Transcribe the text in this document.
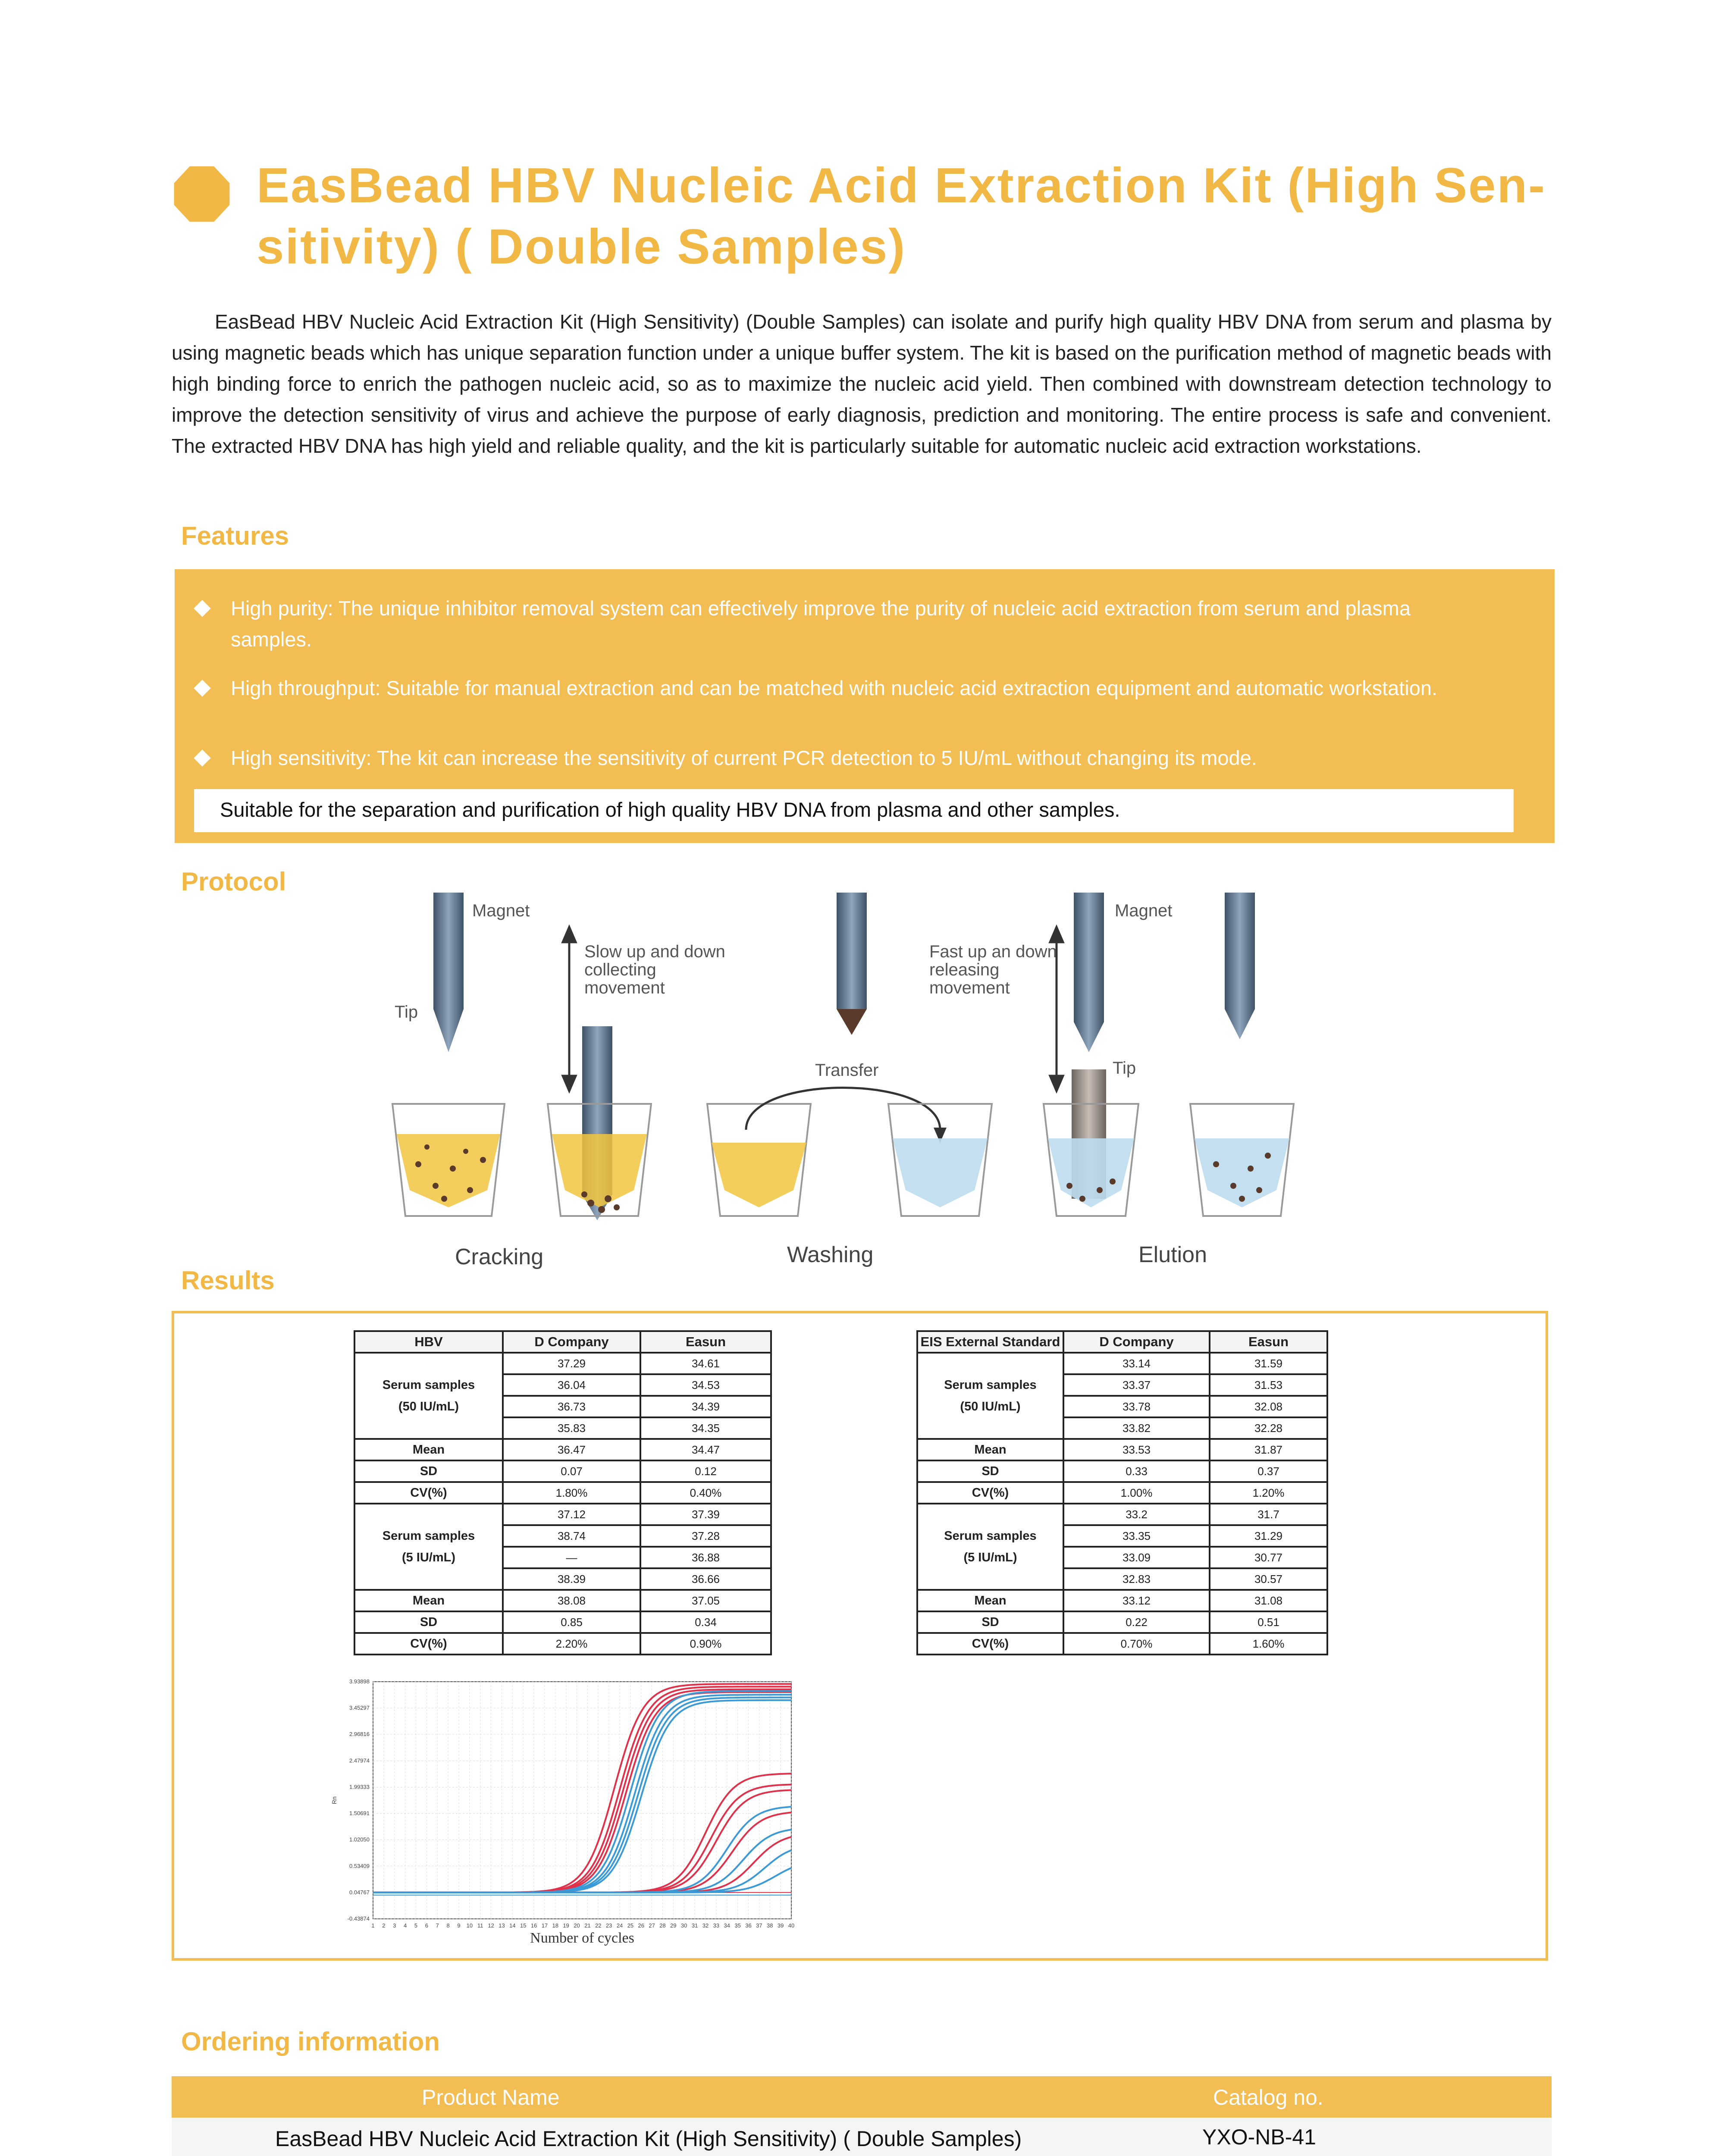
EasBead HBV Nucleic Acid Extraction Kit (High Sen-
sitivity) ( Double Samples)

EasBead HBV Nucleic Acid Extraction Kit (High Sensitivity) (Double Samples) can isolate and purify high quality HBV DNA from serum and plasma by using magnetic beads which has unique separation function under a unique buffer system. The kit is based on the purification method of magnetic beads with high binding force to enrich the pathogen nucleic acid, so as to maximize the nucleic acid yield. Then combined with downstream detection technology to improve the detection sensitivity of virus and achieve the purpose of early diagnosis, prediction and monitoring. The entire process is safe and convenient. The extracted HBV DNA has high yield and reliable quality, and the kit is particularly suitable for automatic nucleic acid extraction workstations.

Features
High purity: The unique inhibitor removal system can effectively improve the purity of nucleic acid extraction from serum and plasma samples.
High throughput: Suitable for manual extraction and can be matched with nucleic acid extraction equipment and automatic workstation.
High sensitivity: The kit can increase the sensitivity of current PCR detection to 5 IU/mL without changing its mode.
Suitable for the separation and purification of high quality HBV DNA from plasma and other samples.
Protocol
Magnet
Tip
Slow up and down
collecting
movement
Transfer
Fast up an down
releasing
movement
Magnet
Tip
Cracking	Washing	Elution
Results
HBV	D Company	Easun
Serum samples
(50 IU/mL)	37.29	34.61
	36.04	34.53
	36.73	34.39
	35.83	34.35
Mean	36.47	34.47
SD	0.07	0.12
CV(%)	1.80%	0.40%
Serum samples
(5 IU/mL)	37.12	37.39
	38.74	37.28
	—	36.88
	38.39	36.66
Mean	38.08	37.05
SD	0.85	0.34
CV(%)	2.20%	0.90%
EIS External Standard	D Company	Easun
Serum samples
(50 IU/mL)	33.14	31.59
	33.37	31.53
	33.78	32.08
	33.82	32.28
Mean	33.53	31.87
SD	0.33	0.37
CV(%)	1.00%	1.20%
Serum samples
(5 IU/mL)	33.2	31.7
	33.35	31.29
	33.09	30.77
	32.83	30.57
Mean	33.12	31.08
SD	0.22	0.51
CV(%)	0.70%	1.60%
1 2 3 4 5 6 7 8 9 10 11 12 13 14 15 16 17 18 19 20 21 22 23 24 25 26 27 28 29 30 31 32 33 34 35 36 37 38 39 40
3.93898
3.45297
2.96816
2.47974
1.99333
1.50691
1.02050
0.53409
0.04767
-0.43874
Rn
Number of cycles
Ordering information
Product Name	Catalog no.
EasBead HBV Nucleic Acid Extraction Kit (High Sensitivity) ( Double Samples)	YXO-NB-41
